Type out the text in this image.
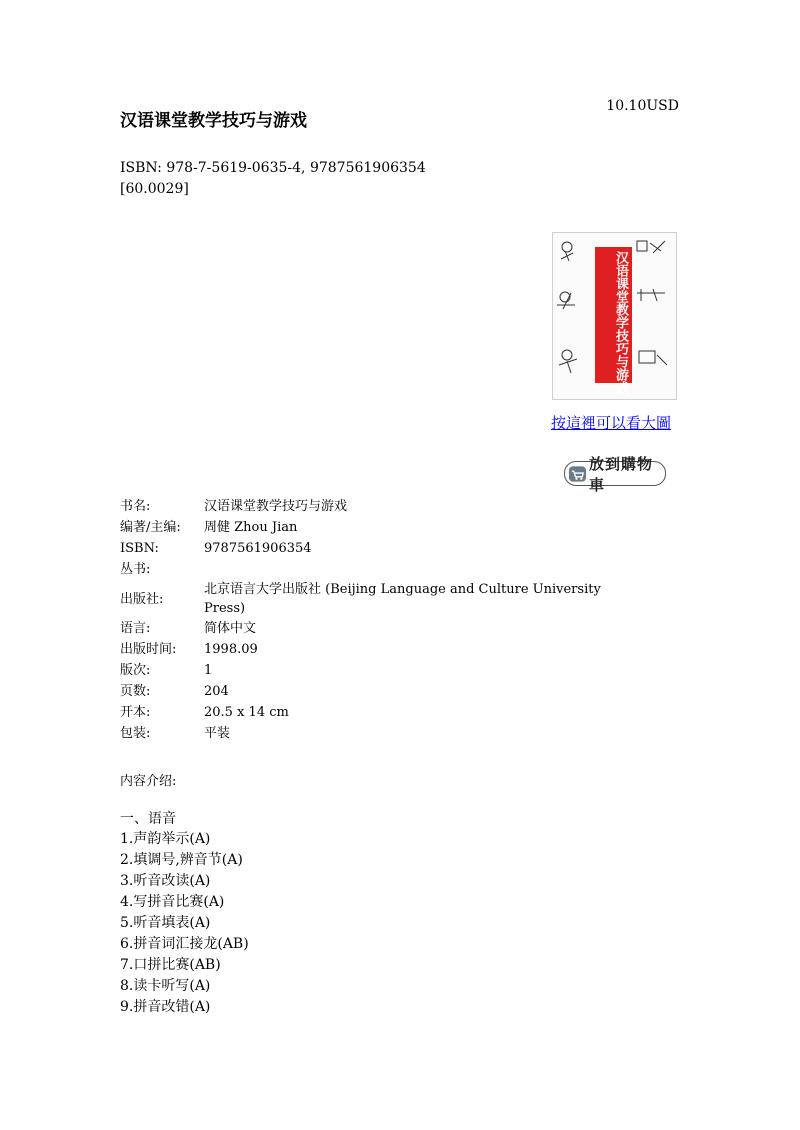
汉语课堂教学技巧与游戏
10.10USD
ISBN: 978-7-5619-0635-4, 9787561906354
[60.0029]
汉语课堂教学技巧与游戏
按這裡可以看大圖
放到購物車
书名:	汉语课堂教学技巧与游戏
编著/主编:	周健 Zhou Jian
ISBN:	9787561906354
丛书:	
出版社:	北京语言大学出版社 (Beijing Language and Culture University Press)
语言:	简体中文
出版时间:	1998.09
版次:	1
页数:	204
开本:	20.5 x 14 cm
包装:	平装
内容介绍:
一、语音
1.声韵举示(A)
2.填调号,辨音节(A)
3.听音改读(A)
4.写拼音比赛(A)
5.听音填表(A)
6.拼音词汇接龙(AB)
7.口拼比赛(AB)
8.读卡听写(A)
9.拼音改错(A)
